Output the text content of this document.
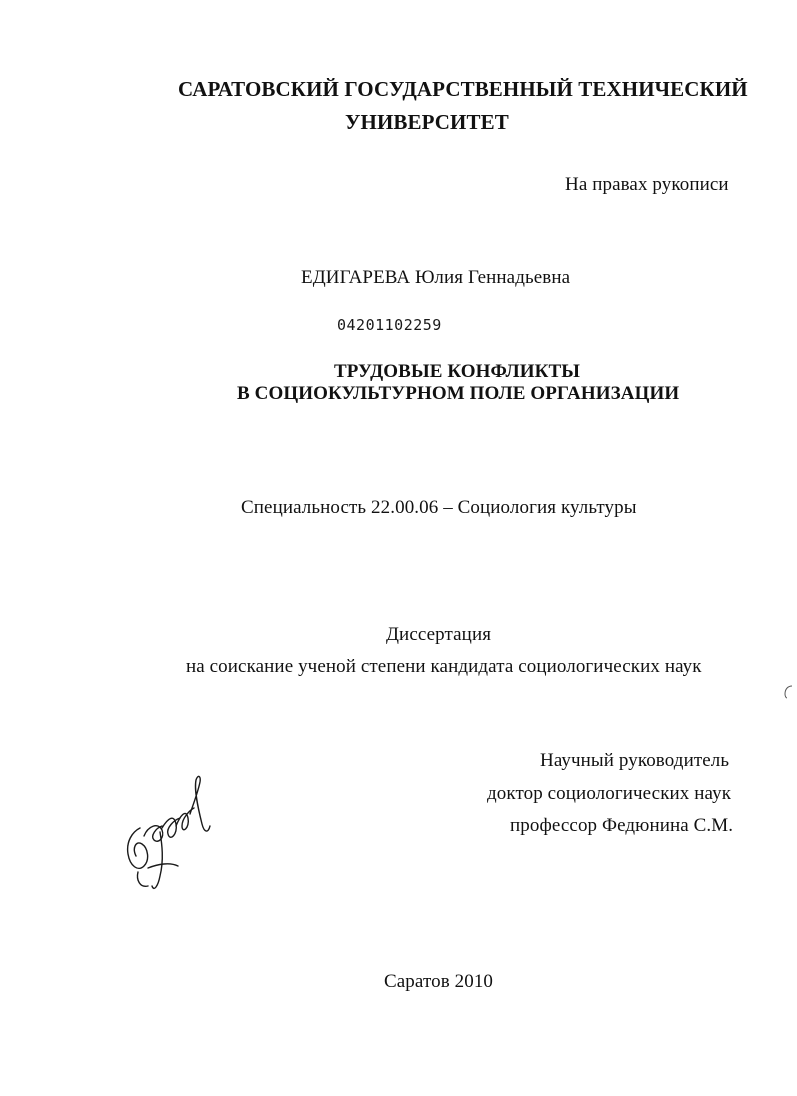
САРАТОВСКИЙ ГОСУДАРСТВЕННЫЙ ТЕХНИЧЕСКИЙ
УНИВЕРСИТЕТ
На правах рукописи
ЕДИГАРЕВА Юлия Геннадьевна
04201102259
ТРУДОВЫЕ КОНФЛИКТЫ
В СОЦИОКУЛЬТУРНОМ ПОЛЕ ОРГАНИЗАЦИИ
Специальность 22.00.06 – Социология культуры
Диссертация
на соискание ученой степени кандидата социологических наук
Научный руководитель
доктор социологических наук
профессор Федюнина С.М.
Саратов 2010
